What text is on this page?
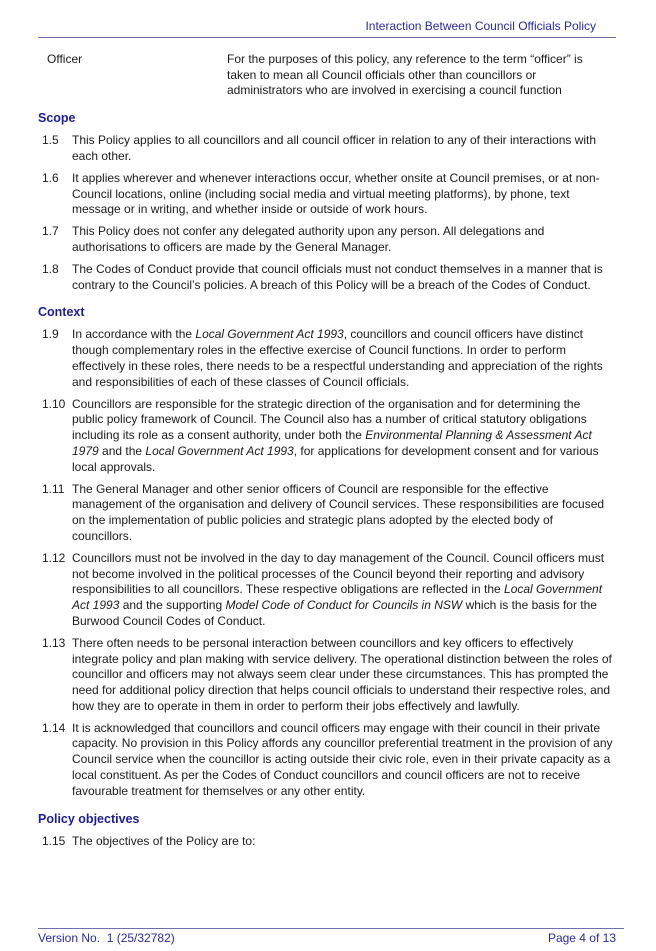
Interaction Between Council Officials Policy
Officer	For the purposes of this policy, any reference to the term “officer” is taken to mean all Council officials other than councillors or administrators who are involved in exercising a council function
Scope
1.5	This Policy applies to all councillors and all council officer in relation to any of their interactions with each other.
1.6	It applies wherever and whenever interactions occur, whether onsite at Council premises, or at non-Council locations, online (including social media and virtual meeting platforms), by phone, text message or in writing, and whether inside or outside of work hours.
1.7	This Policy does not confer any delegated authority upon any person. All delegations and authorisations to officers are made by the General Manager.
1.8	The Codes of Conduct provide that council officials must not conduct themselves in a manner that is contrary to the Council’s policies. A breach of this Policy will be a breach of the Codes of Conduct.
Context
1.9	In accordance with the Local Government Act 1993, councillors and council officers have distinct though complementary roles in the effective exercise of Council functions. In order to perform effectively in these roles, there needs to be a respectful understanding and appreciation of the rights and responsibilities of each of these classes of Council officials.
1.10 Councillors are responsible for the strategic direction of the organisation and for determining the public policy framework of Council. The Council also has a number of critical statutory obligations including its role as a consent authority, under both the Environmental Planning & Assessment Act 1979 and the Local Government Act 1993, for applications for development consent and for various local approvals.
1.11 The General Manager and other senior officers of Council are responsible for the effective management of the organisation and delivery of Council services. These responsibilities are focused on the implementation of public policies and strategic plans adopted by the elected body of councillors.
1.12 Councillors must not be involved in the day to day management of the Council. Council officers must not become involved in the political processes of the Council beyond their reporting and advisory responsibilities to all councillors. These respective obligations are reflected in the Local Government Act 1993 and the supporting Model Code of Conduct for Councils in NSW which is the basis for the Burwood Council Codes of Conduct.
1.13 There often needs to be personal interaction between councillors and key officers to effectively integrate policy and plan making with service delivery. The operational distinction between the roles of councillor and officers may not always seem clear under these circumstances. This has prompted the need for additional policy direction that helps council officials to understand their respective roles, and how they are to operate in them in order to perform their jobs effectively and lawfully.
1.14 It is acknowledged that councillors and council officers may engage with their council in their private capacity. No provision in this Policy affords any councillor preferential treatment in the provision of any Council service when the councillor is acting outside their civic role, even in their private capacity as a local constituent. As per the Codes of Conduct councillors and council officers are not to receive favourable treatment for themselves or any other entity.
Policy objectives
1.15 The objectives of the Policy are to:
Version No.  1 (25/32782)	Page 4 of 13
